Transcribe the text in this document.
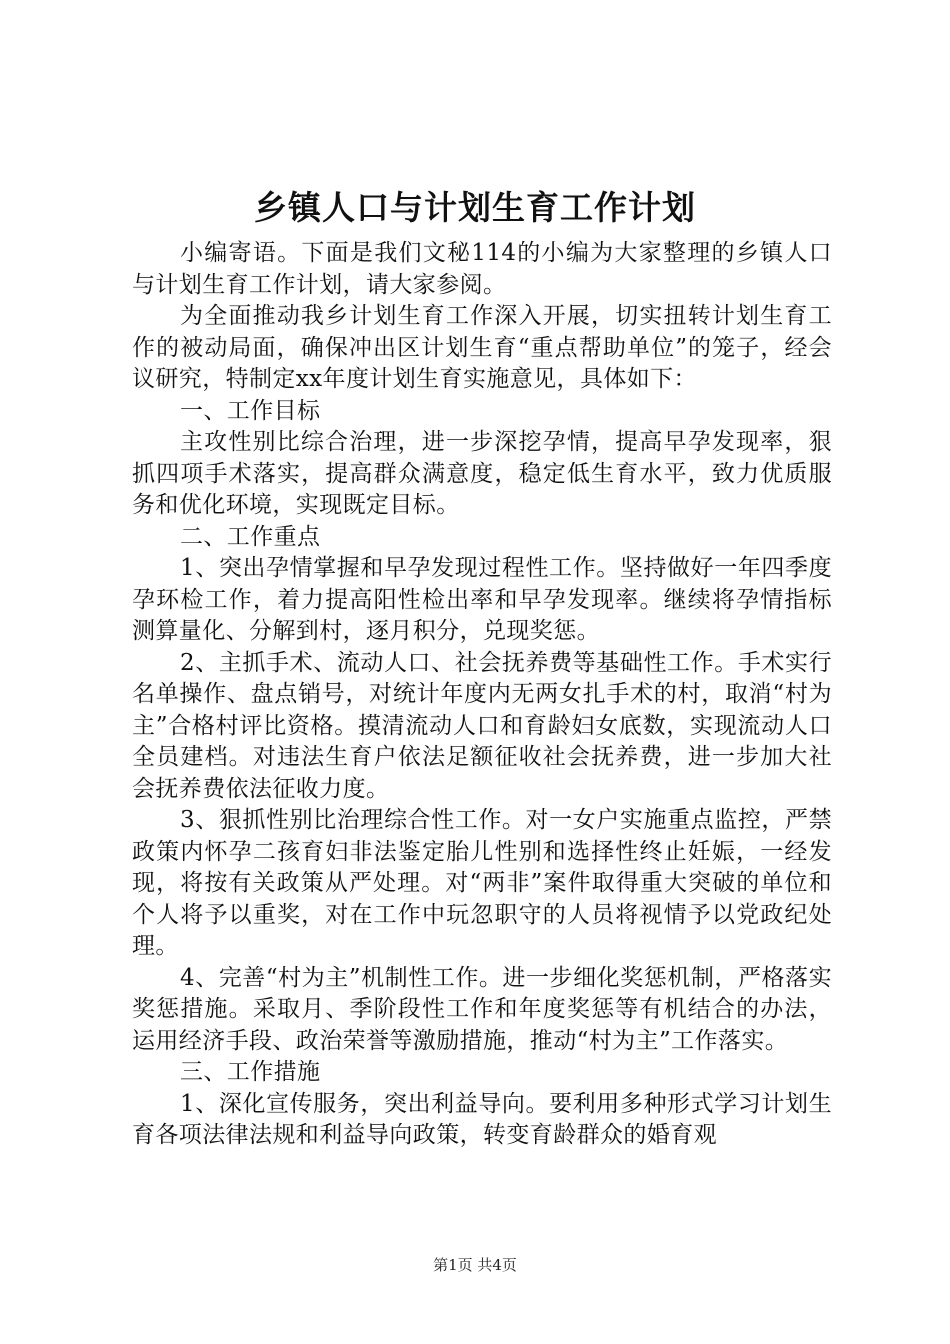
乡镇人口与计划生育工作计划

小编寄语。下面是我们文秘114的小编为大家整理的乡镇人口与计划生育工作计划，请大家参阅。

为全面推动我乡计划生育工作深入开展，切实扭转计划生育工作的被动局面，确保冲出区计划生育“重点帮助单位”的笼子，经会议研究，特制定xx年度计划生育实施意见，具体如下：

一、工作目标

主攻性别比综合治理，进一步深挖孕情，提高早孕发现率，狠抓四项手术落实，提高群众满意度，稳定低生育水平，致力优质服务和优化环境，实现既定目标。

二、工作重点

1、突出孕情掌握和早孕发现过程性工作。坚持做好一年四季度孕环检工作，着力提高阳性检出率和早孕发现率。继续将孕情指标测算量化、分解到村，逐月积分，兑现奖惩。

2、主抓手术、流动人口、社会抚养费等基础性工作。手术实行名单操作、盘点销号，对统计年度内无两女扎手术的村，取消“村为主”合格村评比资格。摸清流动人口和育龄妇女底数，实现流动人口全员建档。对违法生育户依法足额征收社会抚养费，进一步加大社会抚养费依法征收力度。

3、狠抓性别比治理综合性工作。对一女户实施重点监控，严禁政策内怀孕二孩育妇非法鉴定胎儿性别和选择性终止妊娠，一经发现，将按有关政策从严处理。对“两非”案件取得重大突破的单位和个人将予以重奖，对在工作中玩忽职守的人员将视情予以党政纪处理。

4、完善“村为主”机制性工作。进一步细化奖惩机制，严格落实奖惩措施。采取月、季阶段性工作和年度奖惩等有机结合的办法，运用经济手段、政治荣誉等激励措施，推动“村为主”工作落实。

三、工作措施

1、深化宣传服务，突出利益导向。要利用多种形式学习计划生育各项法律法规和利益导向政策，转变育龄群众的婚育观

第1页 共4页
